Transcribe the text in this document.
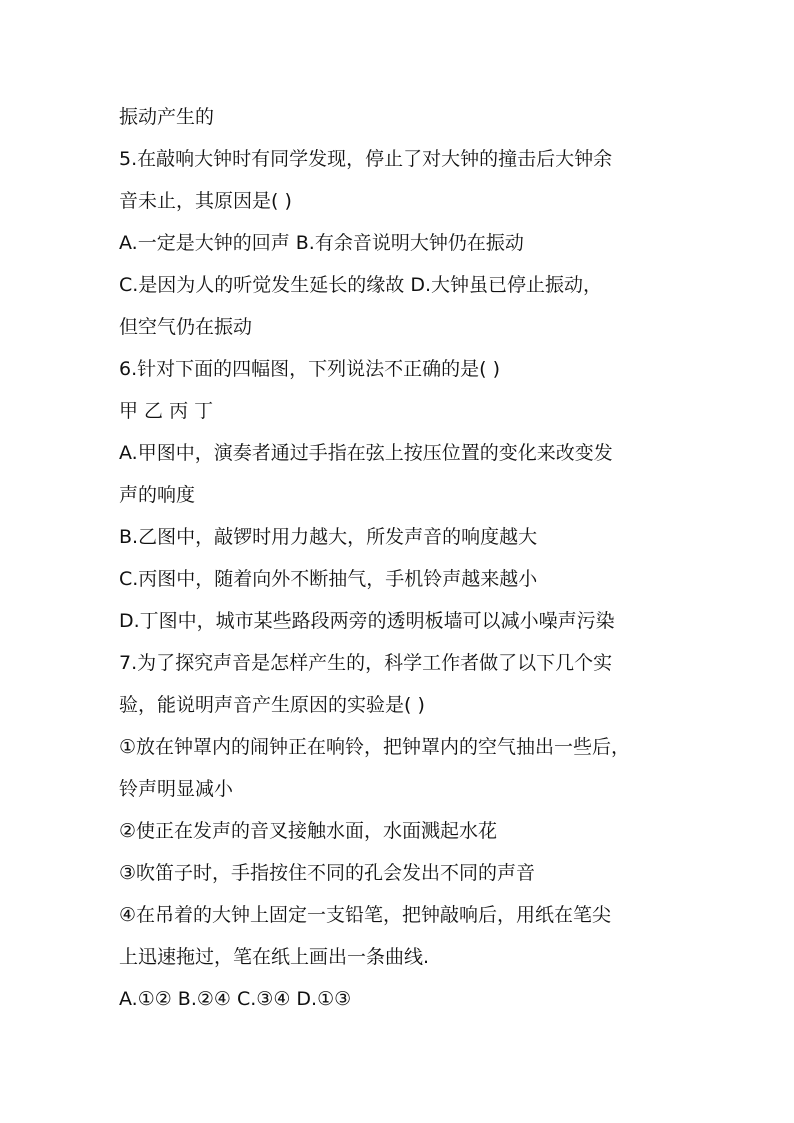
振动产生的
5.在敲响大钟时有同学发现，停止了对大钟的撞击后大钟余
音未止，其原因是( )
A.一定是大钟的回声 B.有余音说明大钟仍在振动
C.是因为人的听觉发生延长的缘故 D.大钟虽已停止振动，
但空气仍在振动
6.针对下面的四幅图，下列说法不正确的是( )
甲 乙 丙 丁
A.甲图中，演奏者通过手指在弦上按压位置的变化来改变发
声的响度
B.乙图中，敲锣时用力越大，所发声音的响度越大
C.丙图中，随着向外不断抽气，手机铃声越来越小
D.丁图中，城市某些路段两旁的透明板墙可以减小噪声污染
7.为了探究声音是怎样产生的，科学工作者做了以下几个实
验，能说明声音产生原因的实验是( )
①放在钟罩内的闹钟正在响铃，把钟罩内的空气抽出一些后，
铃声明显减小
②使正在发声的音叉接触水面，水面溅起水花
③吹笛子时，手指按住不同的孔会发出不同的声音
④在吊着的大钟上固定一支铅笔，把钟敲响后，用纸在笔尖
上迅速拖过，笔在纸上画出一条曲线.
A.①② B.②④ C.③④ D.①③
